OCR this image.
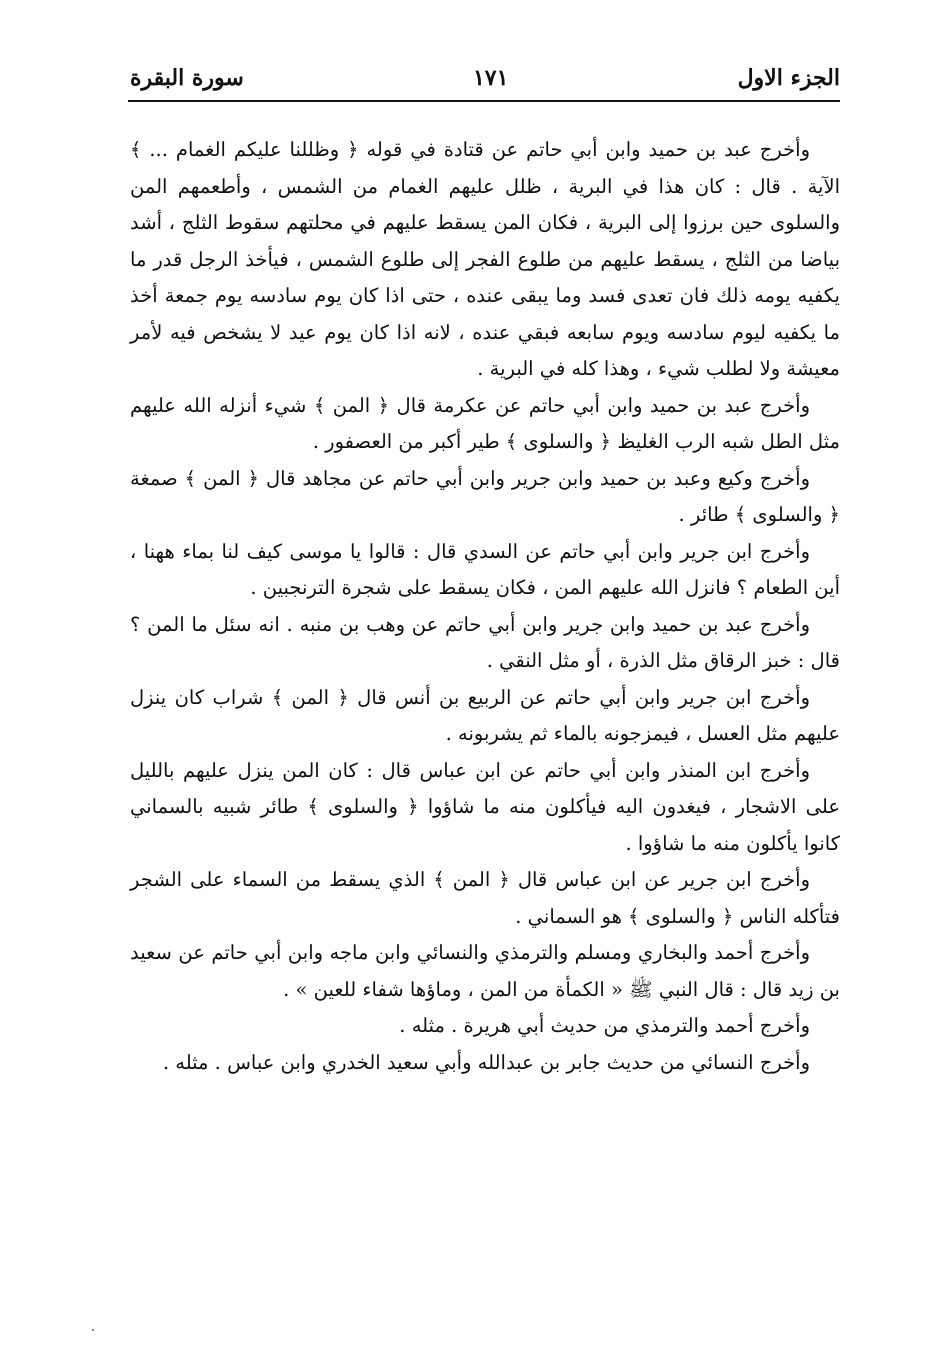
الجزء الاول
١٧١
سورة البقرة

وأخرج عبد بن حميد وابن أبي حاتم عن قتادة في قوله ﴿ وظللنا عليكم الغمام ... ﴾ الآية . قال : كان هذا في البرية ، ظلل عليهم الغمام من الشمس ، وأطعمهم المن والسلوى حين برزوا إلى البرية ، فكان المن يسقط عليهم في محلتهم سقوط الثلج ، أشد بياضا من الثلج ، يسقط عليهم من طلوع الفجر إلى طلوع الشمس ، فيأخذ الرجل قدر ما يكفيه يومه ذلك فان تعدى فسد وما يبقى عنده ، حتى اذا كان يوم سادسه يوم جمعة أخذ ما يكفيه ليوم سادسه ويوم سابعه فبقي عنده ، لانه اذا كان يوم عيد لا يشخص فيه لأمر معيشة ولا لطلب شيء ، وهذا كله في البرية .

وأخرج عبد بن حميد وابن أبي حاتم عن عكرمة قال ﴿ المن ﴾ شيء أنزله الله عليهم مثل الطل شبه الرب الغليظ ﴿ والسلوى ﴾ طير أكبر من العصفور .

وأخرج وكيع وعبد بن حميد وابن جرير وابن أبي حاتم عن مجاهد قال ﴿ المن ﴾ صمغة ﴿ والسلوى ﴾ طائر .

وأخرج ابن جرير وابن أبي حاتم عن السدي قال : قالوا يا موسى كيف لنا بماء ههنا ، أين الطعام ؟ فانزل الله عليهم المن ، فكان يسقط على شجرة الترنجبين .

وأخرج عبد بن حميد وابن جرير وابن أبي حاتم عن وهب بن منبه . انه سئل ما المن ؟ قال : خبز الرقاق مثل الذرة ، أو مثل النقي .

وأخرج ابن جرير وابن أبي حاتم عن الربيع بن أنس قال ﴿ المن ﴾ شراب كان ينزل عليهم مثل العسل ، فيمزجونه بالماء ثم يشربونه .

وأخرج ابن المنذر وابن أبي حاتم عن ابن عباس قال : كان المن ينزل عليهم بالليل على الاشجار ، فيغدون اليه فيأكلون منه ما شاؤوا ﴿ والسلوى ﴾ طائر شبيه بالسماني كانوا يأكلون منه ما شاؤوا .

وأخرج ابن جرير عن ابن عباس قال ﴿ المن ﴾ الذي يسقط من السماء على الشجر فتأكله الناس ﴿ والسلوى ﴾ هو السماني .

وأخرج أحمد والبخاري ومسلم والترمذي والنسائي وابن ماجه وابن أبي حاتم عن سعيد بن زيد قال : قال النبي ﷺ « الكمأة من المن ، وماؤها شفاء للعين » .

وأخرج أحمد والترمذي من حديث أبي هريرة . مثله .

وأخرج النسائي من حديث جابر بن عبدالله وأبي سعيد الخدري وابن عباس . مثله .
